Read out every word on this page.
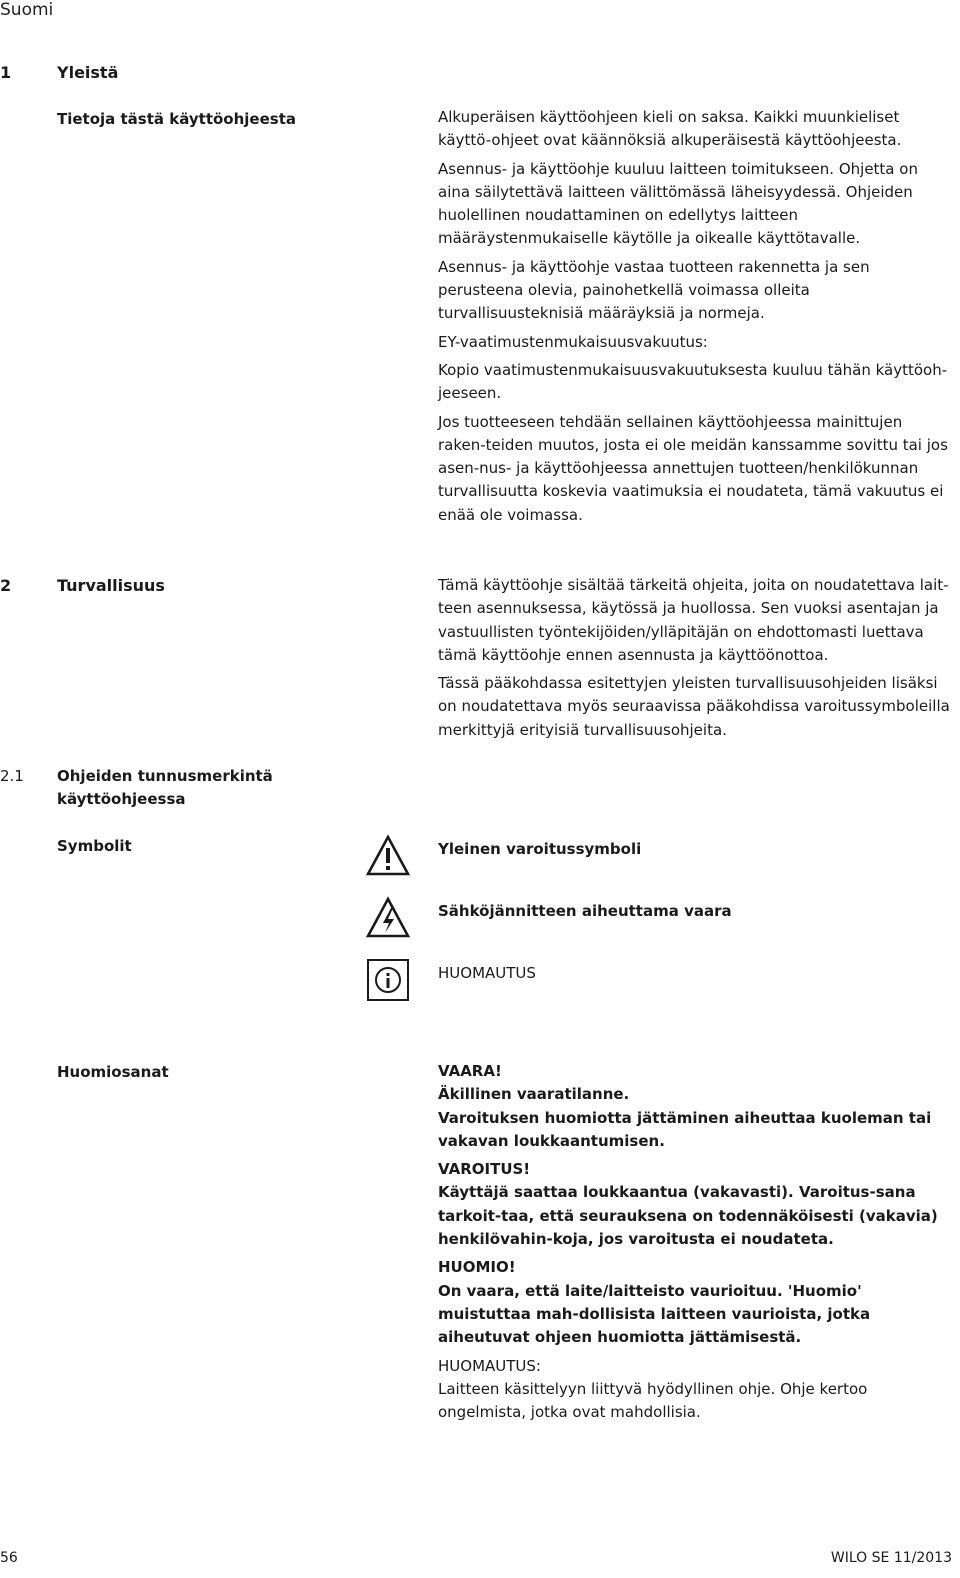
Suomi
1	Yleistä
Tietoja tästä käyttöohjeesta	Alkuperäisen käyttöohjeen kieli on saksa. Kaikki muunkieliset käyttö-ohjeet ovat käännöksiä alkuperäisestä käyttöohjeesta.

Asennus- ja käyttöohje kuuluu laitteen toimitukseen. Ohjetta on aina säilytettävä laitteen välittömässä läheisyydessä. Ohjeiden huolellinen noudattaminen on edellytys laitteen määräystenmukaiselle käytölle ja oikealle käyttötavalle.

Asennus- ja käyttöohje vastaa tuotteen rakennetta ja sen perusteena olevia, painohetkellä voimassa olleita turvallisuusteknisiä määräyksiä ja normeja.

EY-vaatimustenmukaisuusvakuutus:

Kopio vaatimustenmukaisuusvakuutuksesta kuuluu tähän käyttöoh-jeeseen.

Jos tuotteeseen tehdään sellainen käyttöohjeessa mainittujen raken-teiden muutos, josta ei ole meidän kanssamme sovittu tai jos asen-nus- ja käyttöohjeessa annettujen tuotteen/henkilökunnan turvallisuutta koskevia vaatimuksia ei noudateta, tämä vakuutus ei enää ole voimassa.

2	Turvallisuus	Tämä käyttöohje sisältää tärkeitä ohjeita, joita on noudatettava lait-teen asennuksessa, käytössä ja huollossa. Sen vuoksi asentajan ja vastuullisten työntekijöiden/ylläpitäjän on ehdottomasti luettava tämä käyttöohje ennen asennusta ja käyttöönottoa.

Tässä pääkohdassa esitettyjen yleisten turvallisuusohjeiden lisäksi on noudatettava myös seuraavissa pääkohdissa varoitussymboleilla merkittyjä erityisiä turvallisuusohjeita.

2.1 Ohjeiden tunnusmerkintä
käyttöohjeessa
Symbolit	Yleinen varoitussymboli
Sähköjännitteen aiheuttama vaara
HUOMAUTUS
Huomiosanat	VAARA!
Äkillinen vaaratilanne.
Varoituksen huomiotta jättäminen aiheuttaa kuoleman tai vakavan loukkaantumisen.
VAROITUS!
Käyttäjä saattaa loukkaantua (vakavasti). Varoitus-sana tarkoit-taa, että seurauksena on todennäköisesti (vakavia) henkilövahin-koja, jos varoitusta ei noudateta.
HUOMIO!
On vaara, että laite/laitteisto vaurioituu. 'Huomio' muistuttaa mah-dollisista laitteen vaurioista, jotka aiheutuvat ohjeen huomiotta jättämisestä.
HUOMAUTUS:
Laitteen käsittelyyn liittyvä hyödyllinen ohje. Ohje kertoo ongelmista, jotka ovat mahdollisia.
56	WILO SE 11/2013
